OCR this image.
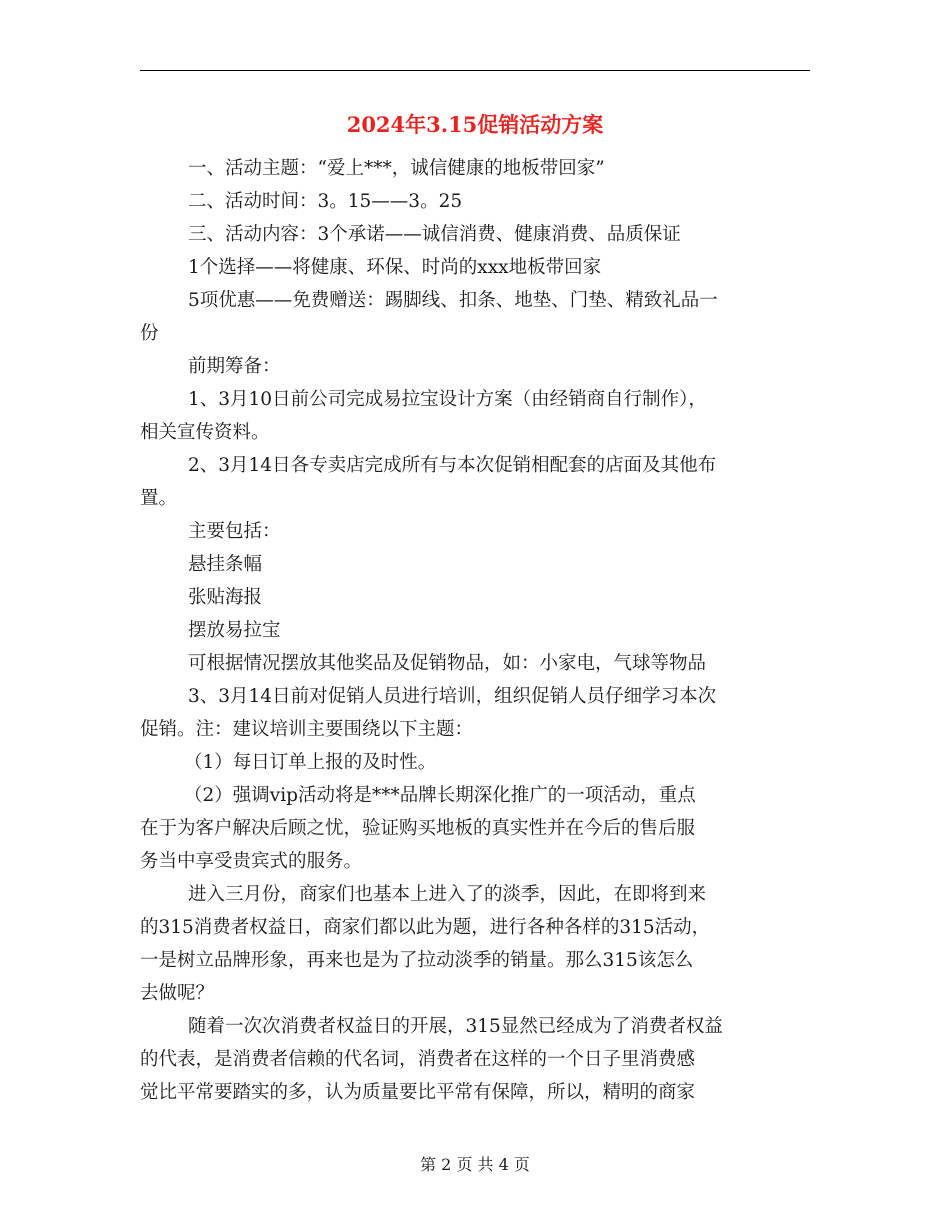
2024年3.15促销活动方案
一、活动主题：“爱上***，诚信健康的地板带回家”
二、活动时间：3。15——3。25
三、活动内容：3个承诺——诚信消费、健康消费、品质保证
1个选择——将健康、环保、时尚的xxx地板带回家
5项优惠——免费赠送：踢脚线、扣条、地垫、门垫、精致礼品一
份
前期筹备：
1、3月10日前公司完成易拉宝设计方案（由经销商自行制作），
相关宣传资料。
2、3月14日各专卖店完成所有与本次促销相配套的店面及其他布
置。
主要包括：
悬挂条幅
张贴海报
摆放易拉宝
可根据情况摆放其他奖品及促销物品，如：小家电，气球等物品
3、3月14日前对促销人员进行培训，组织促销人员仔细学习本次
促销。注：建议培训主要围绕以下主题：
（1）每日订单上报的及时性。
（2）强调vip活动将是***品牌长期深化推广的一项活动，重点
在于为客户解决后顾之忧，验证购买地板的真实性并在今后的售后服
务当中享受贵宾式的服务。
进入三月份，商家们也基本上进入了的淡季，因此，在即将到来
的315消费者权益日，商家们都以此为题，进行各种各样的315活动，
一是树立品牌形象，再来也是为了拉动淡季的销量。那么315该怎么
去做呢？
随着一次次消费者权益日的开展，315显然已经成为了消费者权益
的代表，是消费者信赖的代名词，消费者在这样的一个日子里消费感
觉比平常要踏实的多，认为质量要比平常有保障，所以，精明的商家
第 2 页 共 4 页
